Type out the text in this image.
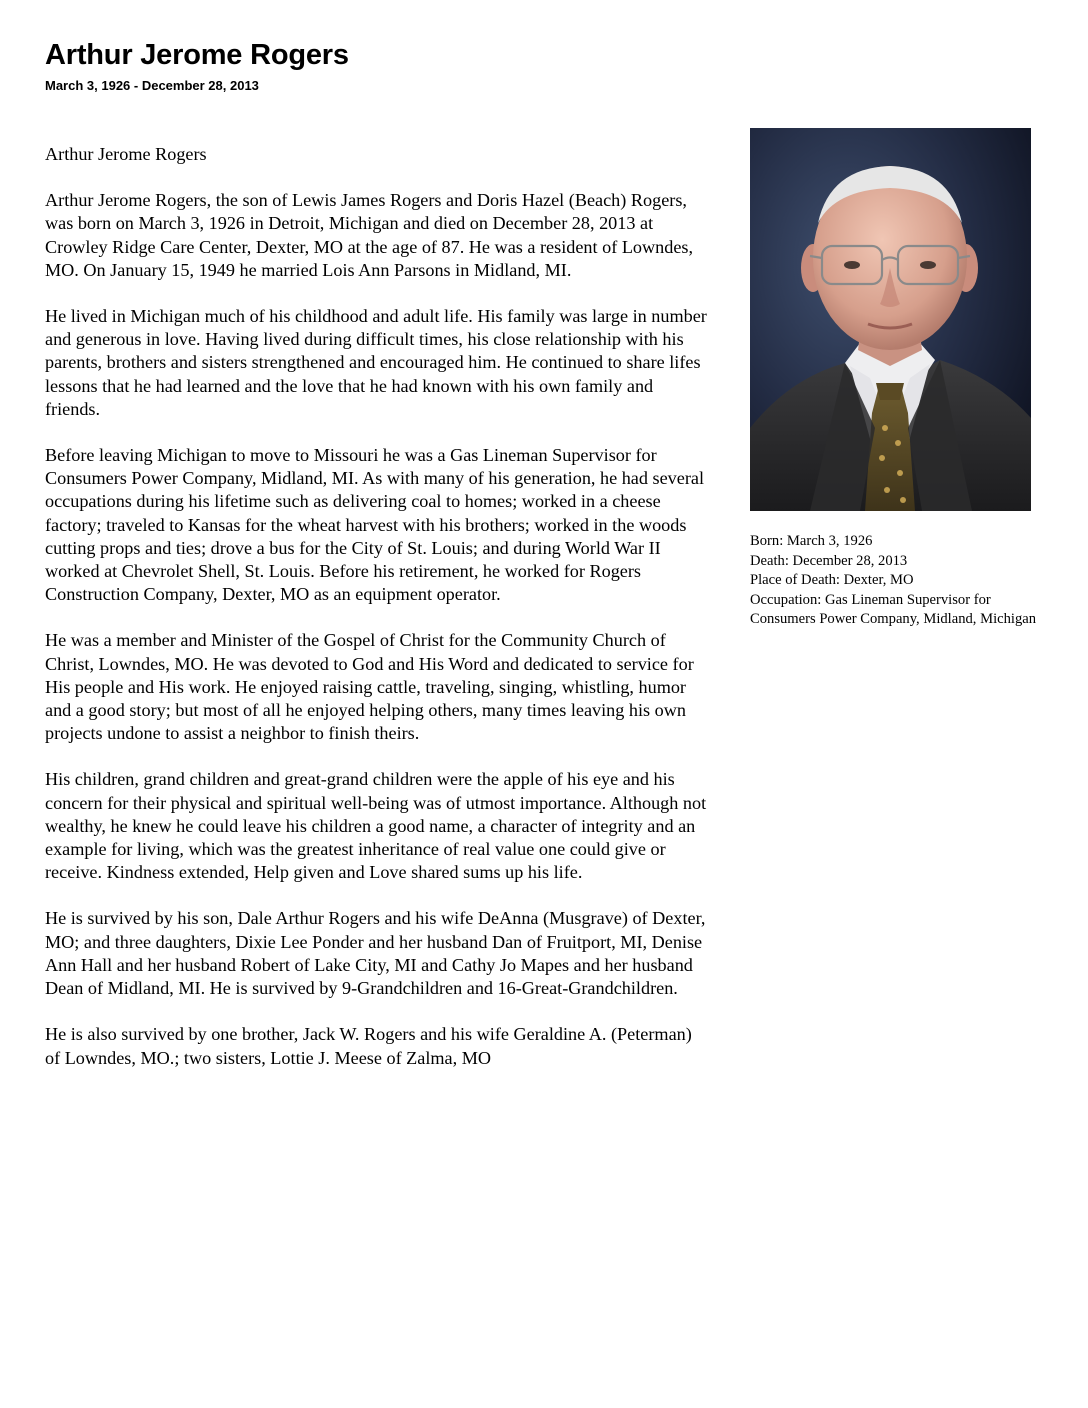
Arthur Jerome Rogers
March 3, 1926 - December 28, 2013

Arthur Jerome Rogers

Arthur Jerome Rogers, the son of Lewis James Rogers and Doris Hazel (Beach) Rogers, was born on March 3, 1926 in Detroit, Michigan and died on December 28, 2013 at Crowley Ridge Care Center, Dexter, MO at the age of 87. He was a resident of Lowndes, MO. On January 15, 1949 he married Lois Ann Parsons in Midland, MI.

He lived in Michigan much of his childhood and adult life. His family was large in number and generous in love. Having lived during difficult times, his close relationship with his parents, brothers and sisters strengthened and encouraged him. He continued to share lifes lessons that he had learned and the love that he had known with his own family and friends.

Before leaving Michigan to move to Missouri he was a Gas Lineman Supervisor for Consumers Power Company, Midland, MI. As with many of his generation, he had several occupations during his lifetime such as delivering coal to homes; worked in a cheese factory; traveled to Kansas for the wheat harvest with his brothers; worked in the woods cutting props and ties; drove a bus for the City of St. Louis; and during World War II worked at Chevrolet Shell, St. Louis. Before his retirement, he worked for Rogers Construction Company, Dexter, MO as an equipment operator.

He was a member and Minister of the Gospel of Christ for the Community Church of Christ, Lowndes, MO. He was devoted to God and His Word and dedicated to service for His people and His work. He enjoyed raising cattle, traveling, singing, whistling, humor and a good story; but most of all he enjoyed helping others, many times leaving his own projects undone to assist a neighbor to finish theirs.

His children, grand children and great-grand children were the apple of his eye and his concern for their physical and spiritual well-being was of utmost importance. Although not wealthy, he knew he could leave his children a good name, a character of integrity and an example for living, which was the greatest inheritance of real value one could give or receive. Kindness extended, Help given and Love shared sums up his life.

He is survived by his son, Dale Arthur Rogers and his wife DeAnna (Musgrave) of Dexter, MO; and three daughters, Dixie Lee Ponder and her husband Dan of Fruitport, MI, Denise Ann Hall and her husband Robert of Lake City, MI and Cathy Jo Mapes and her husband Dean of Midland, MI. He is survived by 9-Grandchildren and 16-Great-Grandchildren.

He is also survived by one brother, Jack W. Rogers and his wife Geraldine A. (Peterman) of Lowndes, MO.; two sisters, Lottie J. Meese of Zalma, MO

Born: March 3, 1926
Death: December 28, 2013
Place of Death: Dexter, MO
Occupation: Gas Lineman Supervisor for Consumers Power Company, Midland, Michigan
